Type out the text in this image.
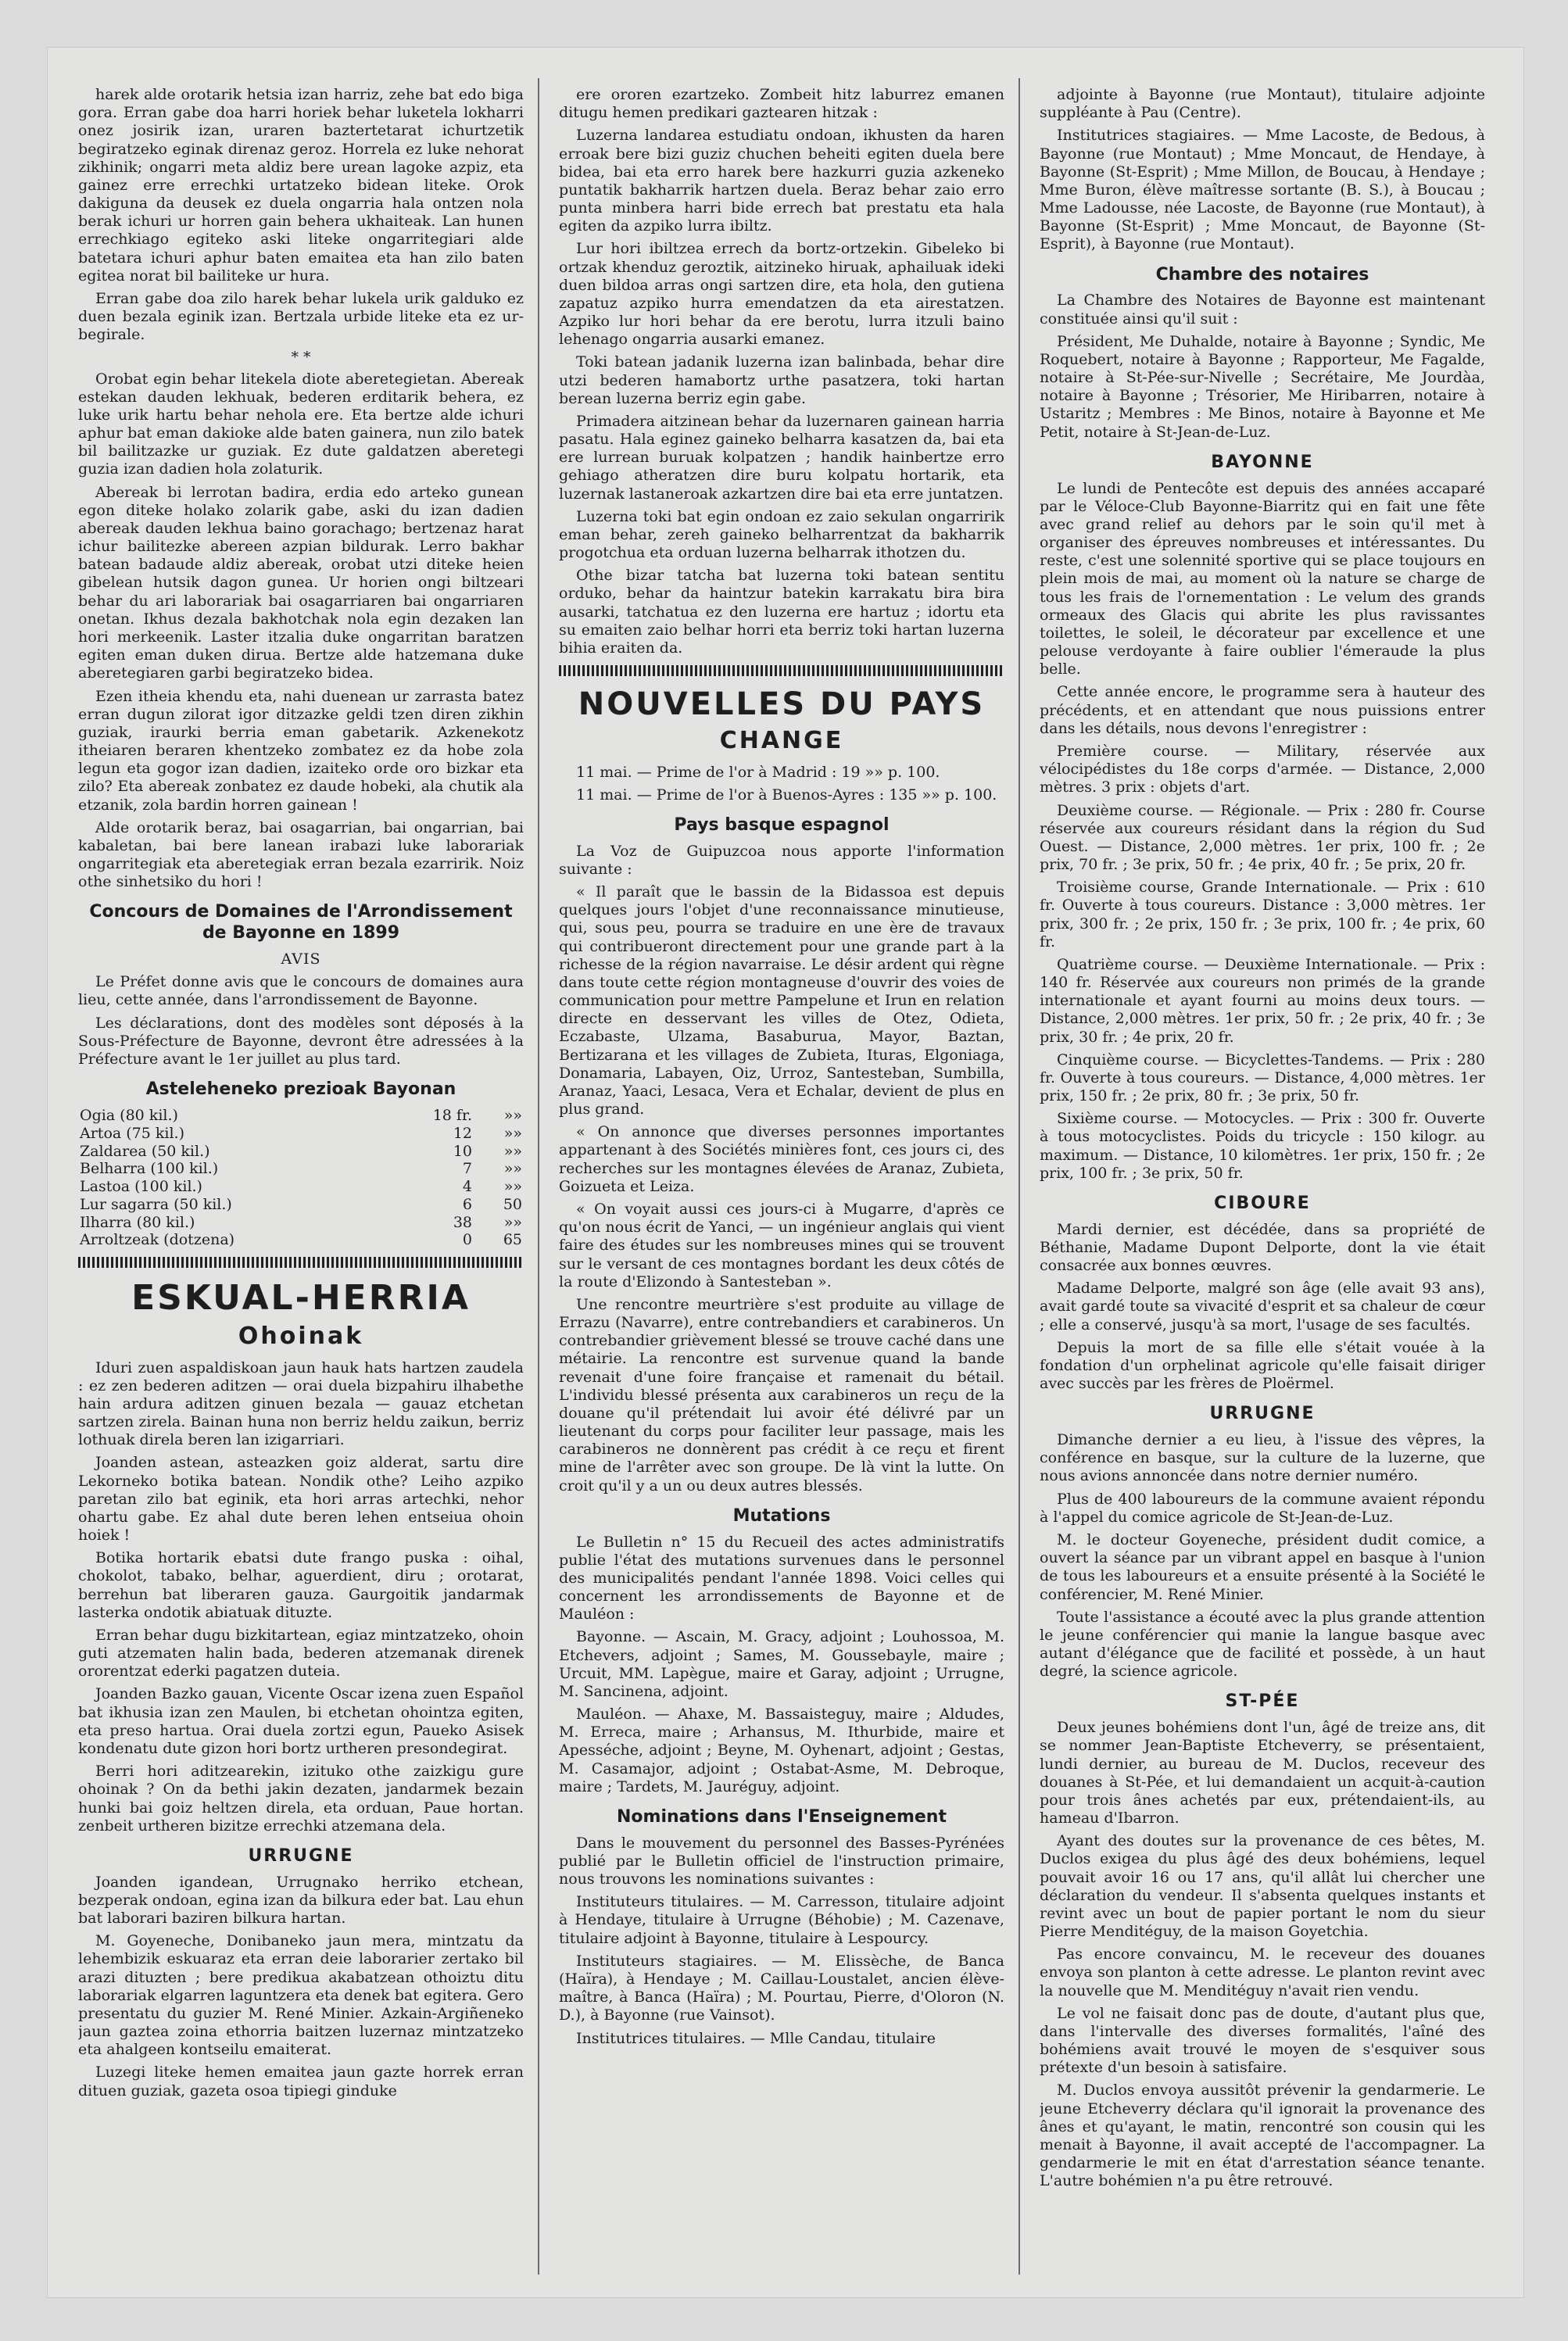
harek alde orotarik hetsia izan harriz, zehe bat edo biga gora. Erran gabe doa harri horiek behar luketela lokharri onez josirik izan, uraren baztertetarat ichurtzetik begiratzeko eginak direnaz geroz. Horrela ez luke nehorat zikhinik; ongarri meta aldiz bere urean lagoke azpiz, eta gainez erre errechki urtatzeko bidean liteke. Orok dakiguna da deusek ez duela ongarria hala ontzen nola berak ichuri ur horren gain behera ukhaiteak. Lan hunen errechkiago egiteko aski liteke ongarritegiari alde batetara ichuri aphur baten emaitea eta han zilo baten egitea norat bil bailiteke ur hura.

Erran gabe doa zilo harek behar lukela urik galduko ez duen bezala eginik izan. Bertzala urbide liteke eta ez ur-begirale.

* *

Orobat egin behar litekela diote aberetegietan. Abereak estekan dauden lekhuak, bederen erditarik behera, ez luke urik hartu behar nehola ere. Eta bertze alde ichuri aphur bat eman dakioke alde baten gainera, nun zilo batek bil bailitzazke ur guziak. Ez dute galdatzen aberetegi guzia izan dadien hola zolaturik.

Abereak bi lerrotan badira, erdia edo arteko gunean egon diteke holako zolarik gabe, aski du izan dadien abereak dauden lekhua baino gorachago; bertzenaz harat ichur bailitezke abereen azpian bildurak. Lerro bakhar batean badaude aldiz abereak, orobat utzi diteke heien gibelean hutsik dagon gunea. Ur horien ongi biltzeari behar du ari laborariak bai osagarriaren bai ongarriaren onetan. Ikhus dezala bakhotchak nola egin dezaken lan hori merkeenik. Laster itzalia duke ongarritan baratzen egiten eman duken dirua. Bertze alde hatzemana duke aberetegiaren garbi begiratzeko bidea.

Ezen itheia khendu eta, nahi duenean ur zarrasta batez erran dugun zilorat igor ditzazke geldi tzen diren zikhin guziak, iraurki berria eman gabetarik. Azkenekotz itheiaren beraren khentzeko zombatez ez da hobe zola legun eta gogor izan dadien, izaiteko orde oro bizkar eta zilo? Eta abereak zonbatez ez daude hobeki, ala chutik ala etzanik, zola bardin horren gainean !

Alde orotarik beraz, bai osagarrian, bai ongarrian, bai kabaletan, bai bere lanean irabazi luke laborariak ongarritegiak eta aberetegiak erran bezala ezarririk. Noiz othe sinhetsiko du hori !

Concours de Domaines de l'Arrondissement de Bayonne en 1899
AVIS

Le Préfet donne avis que le concours de domaines aura lieu, cette année, dans l'arrondissement de Bayonne.

Les déclarations, dont des modèles sont déposés à la Sous-Préfecture de Bayonne, devront être adressées à la Préfecture avant le 1er juillet au plus tard.

Asteleheneko prezioak Bayonan
Ogia (80 kil.)	18 fr.	»»
Artoa (75 kil.)	12	»»
Zaldarea (50 kil.)	10	»»
Belharra (100 kil.)	7	»»
Lastoa (100 kil.)	4	»»
Lur sagarra (50 kil.)	6	50
Ilharra (80 kil.)	38	»»
Arroltzeak (dotzena)	0	65
ESKUAL-HERRIA
Ohoinak

Iduri zuen aspaldiskoan jaun hauk hats hartzen zaudela : ez zen bederen aditzen — orai duela bizpahiru ilhabethe hain ardura aditzen ginuen bezala — gauaz etchetan sartzen zirela. Bainan huna non berriz heldu zaikun, berriz lothuak direla beren lan izigarriari.

Joanden astean, asteazken goiz alderat, sartu dire Lekorneko botika batean. Nondik othe? Leiho azpiko paretan zilo bat eginik, eta hori arras artechki, nehor ohartu gabe. Ez ahal dute beren lehen entseiua ohoin hoiek !

Botika hortarik ebatsi dute frango puska : oihal, chokolot, tabako, belhar, aguerdient, diru ; orotarat, berrehun bat liberaren gauza. Gaurgoitik jandarmak lasterka ondotik abiatuak dituzte.

Erran behar dugu bizkitartean, egiaz mintzatzeko, ohoin guti atzematen halin bada, bederen atzemanak direnek ororentzat ederki pagatzen duteia.

Joanden Bazko gauan, Vicente Oscar izena zuen Español bat ikhusia izan zen Maulen, bi etchetan ohointza egiten, eta preso hartua. Orai duela zortzi egun, Paueko Asisek kondenatu dute gizon hori bortz urtheren presondegirat.

Berri hori aditzearekin, izituko othe zaizkigu gure ohoinak ? On da bethi jakin dezaten, jandarmek bezain hunki bai goiz heltzen direla, eta orduan, Paue hortan. zenbeit urtheren bizitze errechki atzemana dela.

URRUGNE

Joanden igandean, Urrugnako herriko etchean, bezperak ondoan, egina izan da bilkura eder bat. Lau ehun bat laborari baziren bilkura hartan.

M. Goyeneche, Donibaneko jaun mera, mintzatu da lehembizik eskuaraz eta erran deie laborarier zertako bil arazi dituzten ; bere predikua akabatzean othoiztu ditu laborariak elgarren laguntzera eta denek bat egitera. Gero presentatu du guzier M. René Minier. Azkain-Argiñeneko jaun gaztea zoina ethorria baitzen luzernaz mintzatzeko eta ahalgeen kontseilu emaiterat.

Luzegi liteke hemen emaitea jaun gazte horrek erran dituen guziak, gazeta osoa tipiegi ginduke

ere ororen ezartzeko. Zombeit hitz laburrez emanen ditugu hemen predikari gaztearen hitzak :

Luzerna landarea estudiatu ondoan, ikhusten da haren erroak bere bizi guziz chuchen beheiti egiten duela bere bidea, bai eta erro harek bere hazkurri guzia azkeneko puntatik bakharrik hartzen duela. Beraz behar zaio erro punta minbera harri bide errech bat prestatu eta hala egiten da azpiko lurra ibiltz.

Lur hori ibiltzea errech da bortz-ortzekin. Gibeleko bi ortzak khenduz geroztik, aitzineko hiruak, aphailuak ideki duen bildoa arras ongi sartzen dire, eta hola, den gutiena zapatuz azpiko hurra emendatzen da eta airestatzen. Azpiko lur hori behar da ere berotu, lurra itzuli baino lehenago ongarria ausarki emanez.

Toki batean jadanik luzerna izan balinbada, behar dire utzi bederen hamabortz urthe pasatzera, toki hartan berean luzerna berriz egin gabe.

Primadera aitzinean behar da luzernaren gainean harria pasatu. Hala eginez gaineko belharra kasatzen da, bai eta ere lurrean buruak kolpatzen ; handik hainbertze erro gehiago atheratzen dire buru kolpatu hortarik, eta luzernak lastaneroak azkartzen dire bai eta erre juntatzen.

Luzerna toki bat egin ondoan ez zaio sekulan ongarririk eman behar, zereh gaineko belharrentzat da bakharrik progotchua eta orduan luzerna belharrak ithotzen du.

Othe bizar tatcha bat luzerna toki batean sentitu orduko, behar da haintzur batekin karrakatu bira bira ausarki, tatchatua ez den luzerna ere hartuz ; idortu eta su emaiten zaio belhar horri eta berriz toki hartan luzerna bihia eraiten da.

NOUVELLES DU PAYS
CHANGE

11 mai. — Prime de l'or à Madrid : 19 »» p. 100.

11 mai. — Prime de l'or à Buenos-Ayres : 135 »» p. 100.

Pays basque espagnol

La Voz de Guipuzcoa nous apporte l'information suivante :

« Il paraît que le bassin de la Bidassoa est depuis quelques jours l'objet d'une reconnaissance minutieuse, qui, sous peu, pourra se traduire en une ère de travaux qui contribueront directement pour une grande part à la richesse de la région navarraise. Le désir ardent qui règne dans toute cette région montagneuse d'ouvrir des voies de communication pour mettre Pampelune et Irun en relation directe en desservant les villes de Otez, Odieta, Eczabaste, Ulzama, Basaburua, Mayor, Baztan, Bertizarana et les villages de Zubieta, Ituras, Elgoniaga, Donamaria, Labayen, Oiz, Urroz, Santesteban, Sumbilla, Aranaz, Yaaci, Lesaca, Vera et Echalar, devient de plus en plus grand.

« On annonce que diverses personnes importantes appartenant à des Sociétés minières font, ces jours ci, des recherches sur les montagnes élevées de Aranaz, Zubieta, Goizueta et Leiza.

« On voyait aussi ces jours-ci à Mugarre, d'après ce qu'on nous écrit de Yanci, — un ingénieur anglais qui vient faire des études sur les nombreuses mines qui se trouvent sur le versant de ces montagnes bordant les deux côtés de la route d'Elizondo à Santesteban ».

Une rencontre meurtrière s'est produite au village de Errazu (Navarre), entre contrebandiers et carabineros. Un contrebandier grièvement blessé se trouve caché dans une métairie. La rencontre est survenue quand la bande revenait d'une foire française et ramenait du bétail. L'individu blessé présenta aux carabineros un reçu de la douane qu'il prétendait lui avoir été délivré par un lieutenant du corps pour faciliter leur passage, mais les carabineros ne donnèrent pas crédit à ce reçu et firent mine de l'arrêter avec son groupe. De là vint la lutte. On croit qu'il y a un ou deux autres blessés.

Mutations

Le Bulletin n° 15 du Recueil des actes administratifs publie l'état des mutations survenues dans le personnel des municipalités pendant l'année 1898. Voici celles qui concernent les arrondissements de Bayonne et de Mauléon :

Bayonne. — Ascain, M. Gracy, adjoint ; Louhossoa, M. Etchevers, adjoint ; Sames, M. Goussebayle, maire ; Urcuit, MM. Lapègue, maire et Garay, adjoint ; Urrugne, M. Sancinena, adjoint.

Mauléon. — Ahaxe, M. Bassaisteguy, maire ; Aldudes, M. Erreca, maire ; Arhansus, M. Ithurbide, maire et Apesséche, adjoint ; Beyne, M. Oyhenart, adjoint ; Gestas, M. Casamajor, adjoint ; Ostabat-Asme, M. Debroque, maire ; Tardets, M. Jauréguy, adjoint.

Nominations dans l'Enseignement

Dans le mouvement du personnel des Basses-Pyrénées publié par le Bulletin officiel de l'instruction primaire, nous trouvons les nominations suivantes :

Instituteurs titulaires. — M. Carresson, titulaire adjoint à Hendaye, titulaire à Urrugne (Béhobie) ; M. Cazenave, titulaire adjoint à Bayonne, titulaire à Lespourcy.

Instituteurs stagiaires. — M. Elissèche, de Banca (Haïra), à Hendaye ; M. Caillau-Loustalet, ancien élève-maître, à Banca (Haïra) ; M. Pourtau, Pierre, d'Oloron (N. D.), à Bayonne (rue Vainsot).

Institutrices titulaires. — Mlle Candau, titulaire

adjointe à Bayonne (rue Montaut), titulaire adjointe suppléante à Pau (Centre).

Institutrices stagiaires. — Mme Lacoste, de Bedous, à Bayonne (rue Montaut) ; Mme Moncaut, de Hendaye, à Bayonne (St-Esprit) ; Mme Millon, de Boucau, à Hendaye ; Mme Buron, élève maîtresse sortante (B. S.), à Boucau ; Mme Ladousse, née Lacoste, de Bayonne (rue Montaut), à Bayonne (St-Esprit) ; Mme Moncaut, de Bayonne (St-Esprit), à Bayonne (rue Montaut).

Chambre des notaires

La Chambre des Notaires de Bayonne est maintenant constituée ainsi qu'il suit :

Président, Me Duhalde, notaire à Bayonne ; Syndic, Me Roquebert, notaire à Bayonne ; Rapporteur, Me Fagalde, notaire à St-Pée-sur-Nivelle ; Secrétaire, Me Jourdàa, notaire à Bayonne ; Trésorier, Me Hiribarren, notaire à Ustaritz ; Membres : Me Binos, notaire à Bayonne et Me Petit, notaire à St-Jean-de-Luz.

BAYONNE

Le lundi de Pentecôte est depuis des années accaparé par le Véloce-Club Bayonne-Biarritz qui en fait une fête avec grand relief au dehors par le soin qu'il met à organiser des épreuves nombreuses et intéressantes. Du reste, c'est une solennité sportive qui se place toujours en plein mois de mai, au moment où la nature se charge de tous les frais de l'ornementation : Le velum des grands ormeaux des Glacis qui abrite les plus ravissantes toilettes, le soleil, le décorateur par excellence et une pelouse verdoyante à faire oublier l'émeraude la plus belle.

Cette année encore, le programme sera à hauteur des précédents, et en attendant que nous puissions entrer dans les détails, nous devons l'enregistrer :

Première course. — Military, réservée aux vélocipédistes du 18e corps d'armée. — Distance, 2,000 mètres. 3 prix : objets d'art.

Deuxième course. — Régionale. — Prix : 280 fr. Course réservée aux coureurs résidant dans la région du Sud Ouest. — Distance, 2,000 mètres. 1er prix, 100 fr. ; 2e prix, 70 fr. ; 3e prix, 50 fr. ; 4e prix, 40 fr. ; 5e prix, 20 fr.

Troisième course, Grande Internationale. — Prix : 610 fr. Ouverte à tous coureurs. Distance : 3,000 mètres. 1er prix, 300 fr. ; 2e prix, 150 fr. ; 3e prix, 100 fr. ; 4e prix, 60 fr.

Quatrième course. — Deuxième Internationale. — Prix : 140 fr. Réservée aux coureurs non primés de la grande internationale et ayant fourni au moins deux tours. — Distance, 2,000 mètres. 1er prix, 50 fr. ; 2e prix, 40 fr. ; 3e prix, 30 fr. ; 4e prix, 20 fr.

Cinquième course. — Bicyclettes-Tandems. — Prix : 280 fr. Ouverte à tous coureurs. — Distance, 4,000 mètres. 1er prix, 150 fr. ; 2e prix, 80 fr. ; 3e prix, 50 fr.

Sixième course. — Motocycles. — Prix : 300 fr. Ouverte à tous motocyclistes. Poids du tricycle : 150 kilogr. au maximum. — Distance, 10 kilomètres. 1er prix, 150 fr. ; 2e prix, 100 fr. ; 3e prix, 50 fr.

CIBOURE

Mardi dernier, est décédée, dans sa propriété de Béthanie, Madame Dupont Delporte, dont la vie était consacrée aux bonnes œuvres.

Madame Delporte, malgré son âge (elle avait 93 ans), avait gardé toute sa vivacité d'esprit et sa chaleur de cœur ; elle a conservé, jusqu'à sa mort, l'usage de ses facultés.

Depuis la mort de sa fille elle s'était vouée à la fondation d'un orphelinat agricole qu'elle faisait diriger avec succès par les frères de Ploërmel.

URRUGNE

Dimanche dernier a eu lieu, à l'issue des vêpres, la conférence en basque, sur la culture de la luzerne, que nous avions annoncée dans notre dernier numéro.

Plus de 400 laboureurs de la commune avaient répondu à l'appel du comice agricole de St-Jean-de-Luz.

M. le docteur Goyeneche, président dudit comice, a ouvert la séance par un vibrant appel en basque à l'union de tous les laboureurs et a ensuite présenté à la Société le conférencier, M. René Minier.

Toute l'assistance a écouté avec la plus grande attention le jeune conférencier qui manie la langue basque avec autant d'élégance que de facilité et possède, à un haut degré, la science agricole.

ST-PÉE

Deux jeunes bohémiens dont l'un, âgé de treize ans, dit se nommer Jean-Baptiste Etcheverry, se présentaient, lundi dernier, au bureau de M. Duclos, receveur des douanes à St-Pée, et lui demandaient un acquit-à-caution pour trois ânes achetés par eux, prétendaient-ils, au hameau d'Ibarron.

Ayant des doutes sur la provenance de ces bêtes, M. Duclos exigea du plus âgé des deux bohémiens, lequel pouvait avoir 16 ou 17 ans, qu'il allât lui chercher une déclaration du vendeur. Il s'absenta quelques instants et revint avec un bout de papier portant le nom du sieur Pierre Menditéguy, de la maison Goyetchia.

Pas encore convaincu, M. le receveur des douanes envoya son planton à cette adresse. Le planton revint avec la nouvelle que M. Menditéguy n'avait rien vendu.

Le vol ne faisait donc pas de doute, d'autant plus que, dans l'intervalle des diverses formalités, l'aîné des bohémiens avait trouvé le moyen de s'esquiver sous prétexte d'un besoin à satisfaire.

M. Duclos envoya aussitôt prévenir la gendarmerie. Le jeune Etcheverry déclara qu'il ignorait la provenance des ânes et qu'ayant, le matin, rencontré son cousin qui les menait à Bayonne, il avait accepté de l'accompagner. La gendarmerie le mit en état d'arrestation séance tenante. L'autre bohémien n'a pu être retrouvé.
